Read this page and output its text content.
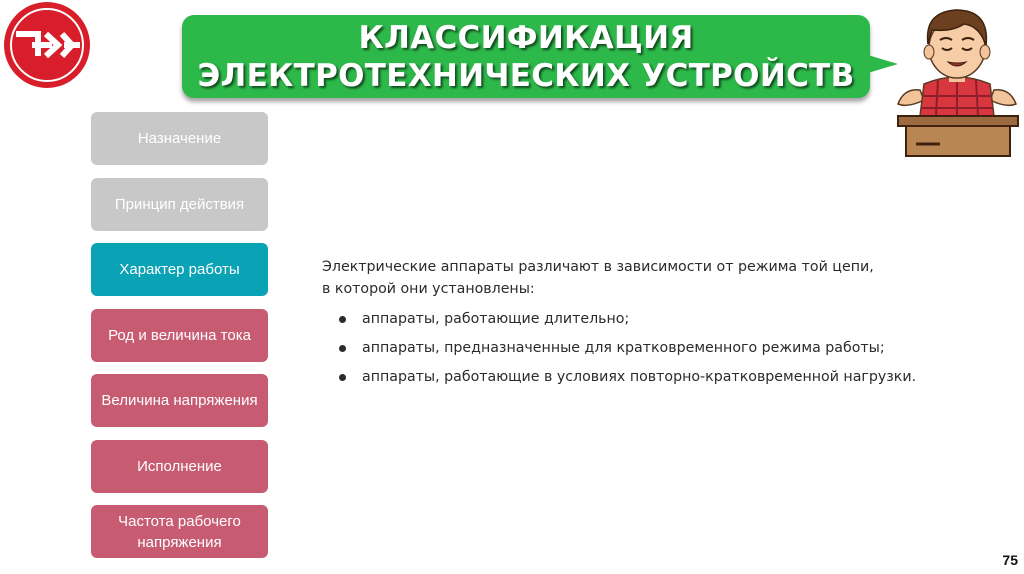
КЛАССИФИКАЦИЯ
ЭЛЕКТРОТЕХНИЧЕСКИХ УСТРОЙСТВ
Назначение
Принцип действия
Характер работы
Род и величина тока
Величина напряжения
Исполнение
Частота рабочего напряжения

Электрические аппараты различают в зависимости от режима той цепи,
в которой они установлены:

аппараты, работающие длительно;
аппараты, предназначенные для кратковременного режима работы;
аппараты, работающие в условиях повторно-кратковременной нагрузки.
75
